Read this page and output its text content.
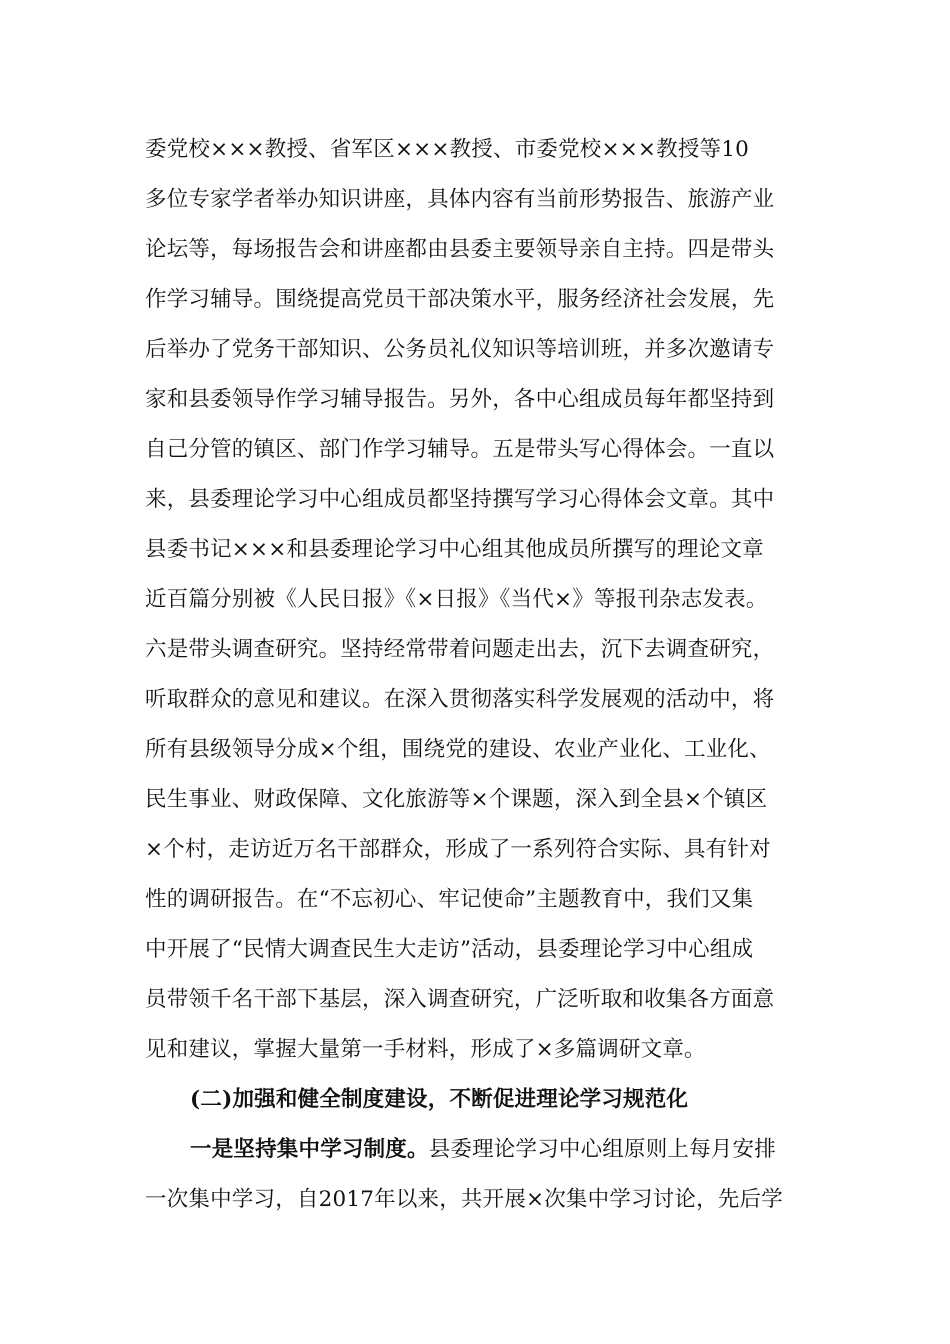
委党校×××教授、省军区×××教授、市委党校×××教授等10
多位专家学者举办知识讲座，具体内容有当前形势报告、旅游产业
论坛等，每场报告会和讲座都由县委主要领导亲自主持。四是带头
作学习辅导。围绕提高党员干部决策水平，服务经济社会发展，先
后举办了党务干部知识、公务员礼仪知识等培训班，并多次邀请专
家和县委领导作学习辅导报告。另外，各中心组成员每年都坚持到
自己分管的镇区、部门作学习辅导。五是带头写心得体会。一直以
来，县委理论学习中心组成员都坚持撰写学习心得体会文章。其中
县委书记×××和县委理论学习中心组其他成员所撰写的理论文章
近百篇分别被《人民日报》《×日报》《当代×》等报刊杂志发表。
六是带头调查研究。坚持经常带着问题走出去，沉下去调查研究，
听取群众的意见和建议。在深入贯彻落实科学发展观的活动中，将
所有县级领导分成×个组，围绕党的建设、农业产业化、工业化、
民生事业、财政保障、文化旅游等×个课题，深入到全县×个镇区
×个村，走访近万名干部群众，形成了一系列符合实际、具有针对
性的调研报告。在“不忘初心、牢记使命”主题教育中，我们又集
中开展了“民情大调查民生大走访”活动，县委理论学习中心组成
员带领千名干部下基层，深入调查研究，广泛听取和收集各方面意
见和建议，掌握大量第一手材料，形成了×多篇调研文章。
(二)加强和健全制度建设，不断促进理论学习规范化
一是坚持集中学习制度。县委理论学习中心组原则上每月安排
一次集中学习，自2017年以来，共开展×次集中学习讨论，先后学
